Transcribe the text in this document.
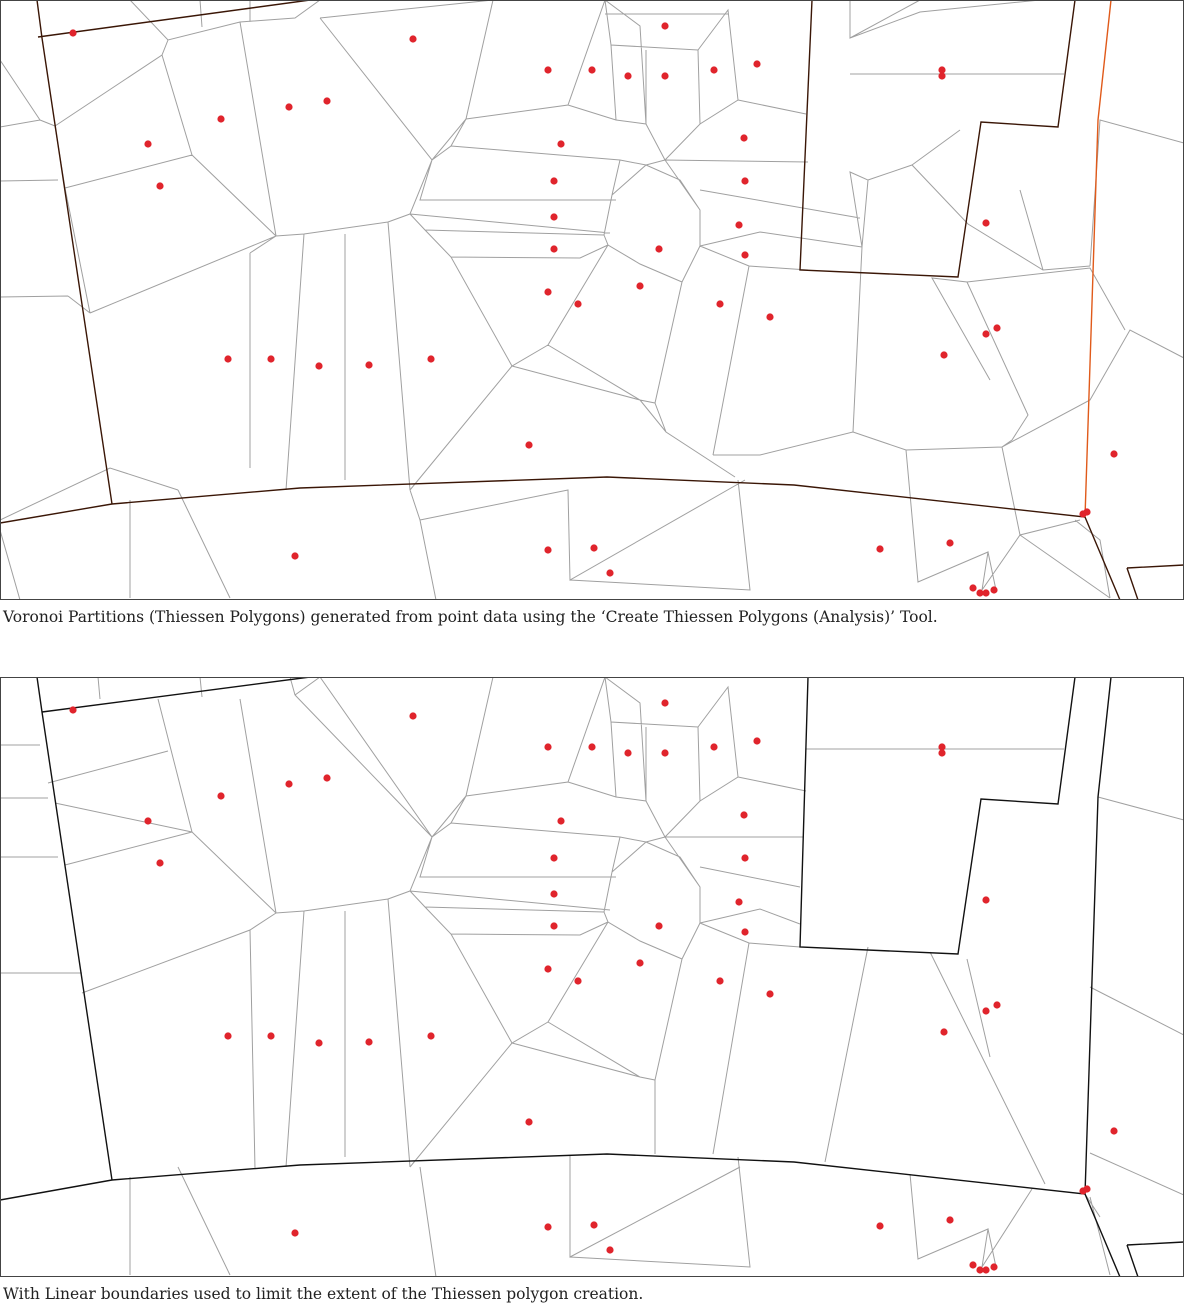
Voronoi Partitions (Thiessen Polygons) generated from point data using the ‘Create Thiessen Polygons (Analysis)’ Tool.
With Linear boundaries used to limit the extent of the Thiessen polygon creation.
